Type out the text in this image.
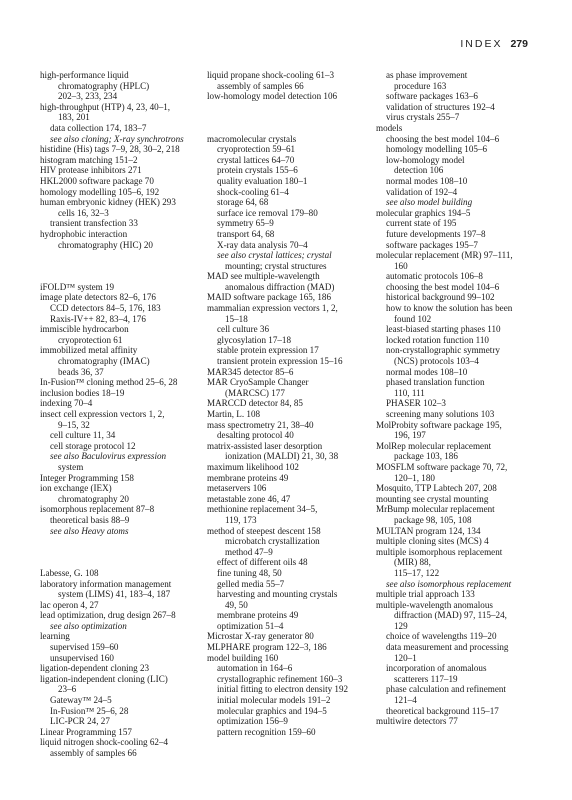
INDEX 279
high-performance liquid
chromatography (HPLC)
202–3, 233, 234
high-throughput (HTP) 4, 23, 40–1,
183, 201
data collection 174, 183–7
see also cloning; X-ray synchrotrons
histidine (His) tags 7–9, 28, 30–2, 218
histogram matching 151–2
HIV protease inhibitors 271
HKL2000 software package 70
homology modelling 105–6, 192
human embryonic kidney (HEK) 293
cells 16, 32–3
transient transfection 33
hydrophobic interaction
chromatography (HIC) 20
iFOLD™ system 19
image plate detectors 82–6, 176
CCD detectors 84–5, 176, 183
Raxis-IV++ 82, 83–4, 176
immiscible hydrocarbon
cryoprotection 61
immobilized metal affinity
chromatography (IMAC)
beads 36, 37
In-Fusion™ cloning method 25–6, 28
inclusion bodies 18–19
indexing 70–4
insect cell expression vectors 1, 2,
9–15, 32
cell culture 11, 34
cell storage protocol 12
see also Baculovirus expression
system
Integer Programming 158
ion exchange (IEX)
chromatography 20
isomorphous replacement 87–8
theoretical basis 88–9
see also Heavy atoms
Labesse, G. 108
laboratory information management
system (LIMS) 41, 183–4, 187
lac operon 4, 27
lead optimization, drug design 267–8
see also optimization
learning
supervised 159–60
unsupervised 160
ligation-dependent cloning 23
ligation-independent cloning (LIC)
23–6
Gateway™ 24–5
In-Fusion™ 25–6, 28
LIC-PCR 24, 27
Linear Programming 157
liquid nitrogen shock-cooling 62–4
assembly of samples 66
liquid propane shock-cooling 61–3
assembly of samples 66
low-homology model detection 106
macromolecular crystals
cryoprotection 59–61
crystal lattices 64–70
protein crystals 155–6
quality evaluation 180–1
shock-cooling 61–4
storage 64, 68
surface ice removal 179–80
symmetry 65–9
transport 64, 68
X-ray data analysis 70–4
see also crystal lattices; crystal
mounting; crystal structures
MAD see multiple-wavelength
anomalous diffraction (MAD)
MAID software package 165, 186
mammalian expression vectors 1, 2,
15–18
cell culture 36
glycosylation 17–18
stable protein expression 17
transient protein expression 15–16
MAR345 detector 85–6
MAR CryoSample Changer
(MARCSC) 177
MARCCD detector 84, 85
Martin, L. 108
mass spectrometry 21, 38–40
desalting protocol 40
matrix-assisted laser desorption
ionization (MALDI) 21, 30, 38
maximum likelihood 102
membrane proteins 49
metaservers 106
metastable zone 46, 47
methionine replacement 34–5,
119, 173
method of steepest descent 158
microbatch crystallization
method 47–9
effect of different oils 48
fine tuning 48, 50
gelled media 55–7
harvesting and mounting crystals
49, 50
membrane proteins 49
optimization 51–4
Microstar X-ray generator 80
MLPHARE program 122–3, 186
model building 160
automation in 164–6
crystallographic refinement 160–3
initial fitting to electron density 192
initial molecular models 191–2
molecular graphics and 194–5
optimization 156–9
pattern recognition 159–60
as phase improvement
procedure 163
software packages 163–6
validation of structures 192–4
virus crystals 255–7
models
choosing the best model 104–6
homology modelling 105–6
low-homology model
detection 106
normal modes 108–10
validation of 192–4
see also model building
molecular graphics 194–5
current state of 195
future developments 197–8
software packages 195–7
molecular replacement (MR) 97–111,
160
automatic protocols 106–8
choosing the best model 104–6
historical background 99–102
how to know the solution has been
found 102
least-biased starting phases 110
locked rotation function 110
non-crystallographic symmetry
(NCS) protocols 103–4
normal modes 108–10
phased translation function
110, 111
PHASER 102–3
screening many solutions 103
MolProbity software package 195,
196, 197
MolRep molecular replacement
package 103, 186
MOSFLM software package 70, 72,
120–1, 180
Mosquito, TTP Labtech 207, 208
mounting see crystal mounting
MrBump molecular replacement
package 98, 105, 108
MULTAN program 124, 134
multiple cloning sites (MCS) 4
multiple isomorphous replacement
(MIR) 88,
115–17, 122
see also isomorphous replacement
multiple trial approach 133
multiple-wavelength anomalous
diffraction (MAD) 97, 115–24,
129
choice of wavelengths 119–20
data measurement and processing
120–1
incorporation of anomalous
scatterers 117–19
phase calculation and refinement
121–4
theoretical background 115–17
multiwire detectors 77
